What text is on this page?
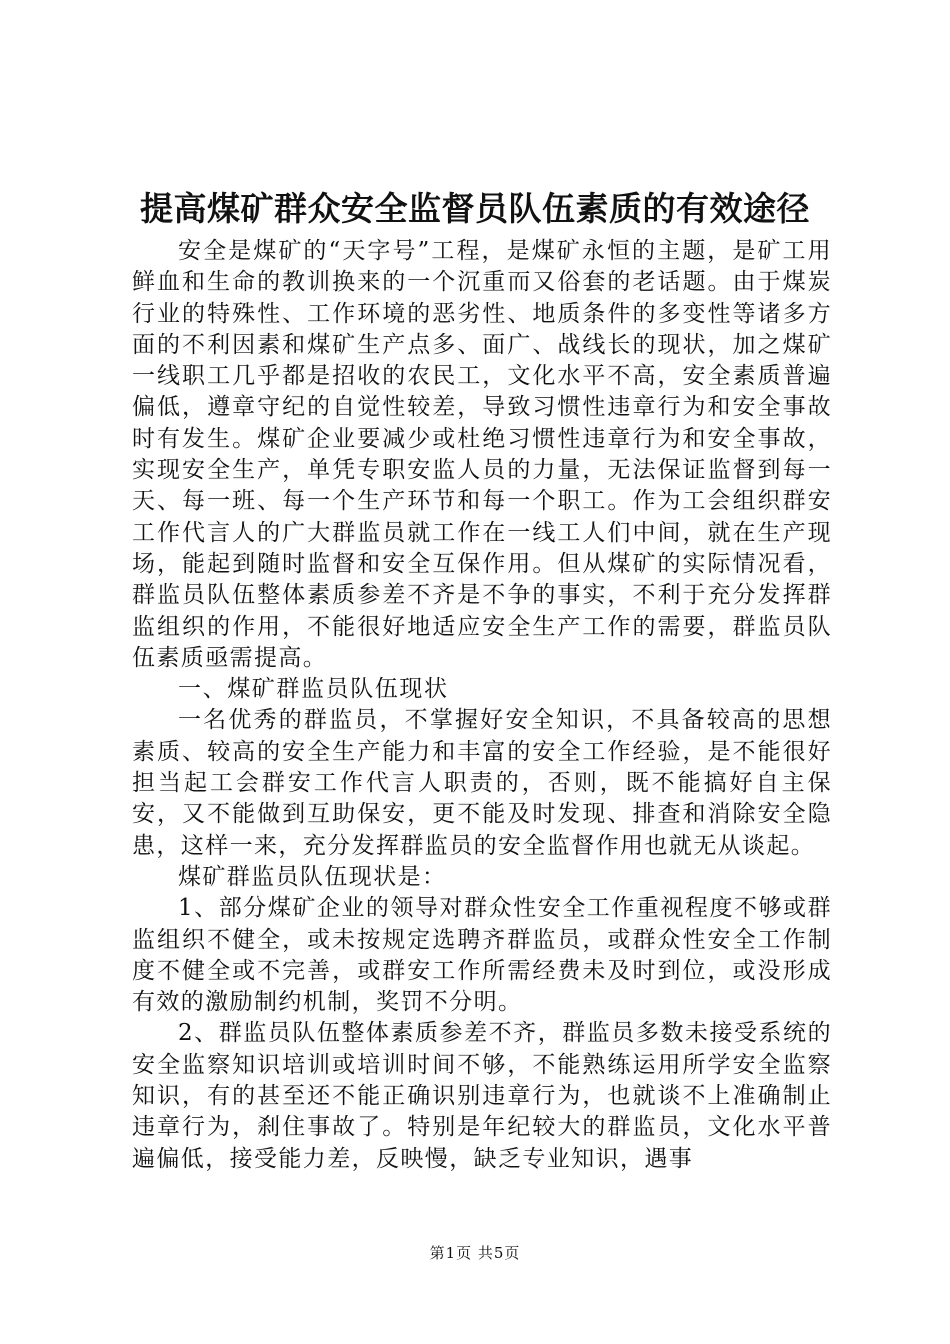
提高煤矿群众安全监督员队伍素质的有效途径

安全是煤矿的“天字号”工程，是煤矿永恒的主题，是矿工用鲜血和生命的教训换来的一个沉重而又俗套的老话题。由于煤炭行业的特殊性、工作环境的恶劣性、地质条件的多变性等诸多方面的不利因素和煤矿生产点多、面广、战线长的现状，加之煤矿一线职工几乎都是招收的农民工，文化水平不高，安全素质普遍偏低，遵章守纪的自觉性较差，导致习惯性违章行为和安全事故时有发生。煤矿企业要减少或杜绝习惯性违章行为和安全事故，实现安全生产，单凭专职安监人员的力量，无法保证监督到每一天、每一班、每一个生产环节和每一个职工。作为工会组织群安工作代言人的广大群监员就工作在一线工人们中间，就在生产现场，能起到随时监督和安全互保作用。但从煤矿的实际情况看，群监员队伍整体素质参差不齐是不争的事实，不利于充分发挥群监组织的作用，不能很好地适应安全生产工作的需要，群监员队伍素质亟需提高。

一、煤矿群监员队伍现状

一名优秀的群监员，不掌握好安全知识，不具备较高的思想素质、较高的安全生产能力和丰富的安全工作经验，是不能很好担当起工会群安工作代言人职责的，否则，既不能搞好自主保安，又不能做到互助保安，更不能及时发现、排查和消除安全隐患，这样一来，充分发挥群监员的安全监督作用也就无从谈起。

煤矿群监员队伍现状是：

1、部分煤矿企业的领导对群众性安全工作重视程度不够或群监组织不健全，或未按规定选聘齐群监员，或群众性安全工作制度不健全或不完善，或群安工作所需经费未及时到位，或没形成有效的激励制约机制，奖罚不分明。

2、群监员队伍整体素质参差不齐，群监员多数未接受系统的安全监察知识培训或培训时间不够，不能熟练运用所学安全监察知识，有的甚至还不能正确识别违章行为，也就谈不上准确制止违章行为，刹住事故了。特别是年纪较大的群监员，文化水平普遍偏低，接受能力差，反映慢，缺乏专业知识，遇事

第1页 共5页
